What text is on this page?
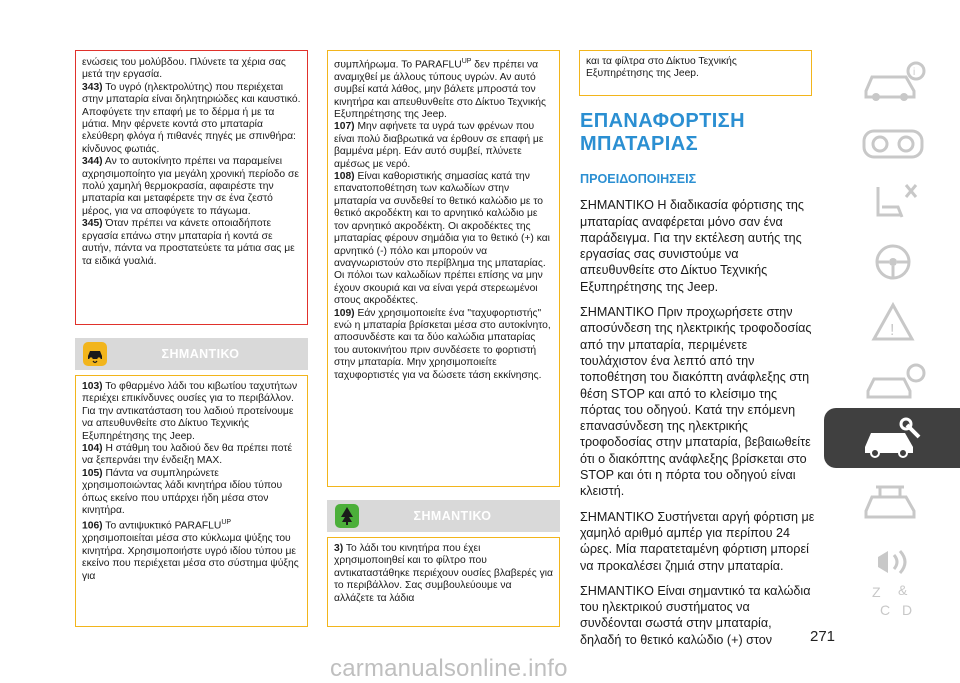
ενώσεις του μολύβδου. Πλύνετε τα χέρια σας μετά την εργασία.

343) Το υγρό (ηλεκτρολύτης) που περιέχεται στην μπαταρία είναι δηλητηριώδες και καυστικό. Αποφύγετε την επαφή με το δέρμα ή με τα μάτια. Μην φέρνετε κοντά στο μπαταρία ελεύθερη φλόγα ή πιθανές πηγές με σπινθήρα: κίνδυνος φωτιάς.

344) Αν το αυτοκίνητο πρέπει να παραμείνει αχρησιμοποίητο για μεγάλη χρονική περίοδο σε πολύ χαμηλή θερμοκρασία, αφαιρέστε την μπαταρία και μεταφέρετε την σε ένα ζεστό μέρος, για να αποφύγετε το πάγωμα.

345) Όταν πρέπει να κάνετε οποιαδήποτε εργασία επάνω στην μπαταρία ή κοντά σε αυτήν, πάντα να προστατεύετε τα μάτια σας με τα ειδικά γυαλιά.

ΣΗΜΑΝΤΙΚΟ

103) Το φθαρμένο λάδι του κιβωτίου ταχυτήτων περιέχει επικίνδυνες ουσίες για το περιβάλλον. Για την αντικατάσταση του λαδιού προτείνουμε να απευθυνθείτε στο Δίκτυο Τεχνικής Εξυπηρέτησης της Jeep.

104) Η στάθμη του λαδιού δεν θα πρέπει ποτέ να ξεπερνάει την ένδειξη MAX.

105) Πάντα να συμπληρώνετε χρησιμοποιώντας λάδι κινητήρα ιδίου τύπου όπως εκείνο που υπάρχει ήδη μέσα στον κινητήρα.

106) Το αντιψυκτικό $PARAFLU^{UP}$ χρησιμοποιείται μέσα στο κύκλωμα ψύξης του κινητήρα. Χρησιμοποιήστε υγρό ιδίου τύπου με εκείνο που περιέχεται μέσα στο σύστημα ψύξης για

συμπλήρωμα. Το $PARAFLU^{UP}$ δεν πρέπει να αναμιχθεί με άλλους τύπους υγρών. Αν αυτό συμβεί κατά λάθος, μην βάλετε μπροστά τον κινητήρα και απευθυνθείτε στο Δίκτυο Τεχνικής Εξυπηρέτησης της Jeep.

107) Μην αφήνετε τα υγρά των φρένων που είναι πολύ διαβρωτικά να έρθουν σε επαφή με βαμμένα μέρη. Εάν αυτό συμβεί, πλύνετε αμέσως με νερό.

108) Είναι καθοριστικής σημασίας κατά την επανατοποθέτηση των καλωδίων στην μπαταρία να συνδεθεί το θετικό καλώδιο με το θετικό ακροδέκτη και το αρνητικό καλώδιο με τον αρνητικό ακροδέκτη. Οι ακροδέκτες της μπαταρίας φέρουν σημάδια για το θετικό (+) και αρνητικό (-) πόλο και μπορούν να αναγνωριστούν στο περίβλημα της μπαταρίας. Οι πόλοι των καλωδίων πρέπει επίσης να μην έχουν σκουριά και να είναι γερά στερεωμένοι στους ακροδέκτες.

109) Εάν χρησιμοποιείτε ένα "ταχυφορτιστής" ενώ η μπαταρία βρίσκεται μέσα στο αυτοκίνητο, αποσυνδέστε και τα δύο καλώδια μπαταρίας του αυτοκινήτου πριν συνδέσετε το φορτιστή στην μπαταρία. Μην χρησιμοποιείτε ταχυφορτιστές για να δώσετε τάση εκκίνησης.

ΣΗΜΑΝΤΙΚΟ

3) Το λάδι του κινητήρα που έχει χρησιμοποιηθεί και το φίλτρο που αντικαταστάθηκε περιέχουν ουσίες βλαβερές για το περιβάλλον. Σας συμβουλεύουμε να αλλάζετε τα λάδια

και τα φίλτρα στο Δίκτυο Τεχνικής Εξυπηρέτησης της Jeep.

ΕΠΑΝΑΦΟΡΤΙΣΗ ΜΠΑΤΑΡΙΑΣ
ΠΡΟΕΙΔΟΠΟΙΗΣΕΙΣ

ΣΗΜΑΝΤΙΚΟ Η διαδικασία φόρτισης της μπαταρίας αναφέρεται μόνο σαν ένα παράδειγμα. Για την εκτέλεση αυτής της εργασίας σας συνιστούμε να απευθυνθείτε στο Δίκτυο Τεχνικής Εξυπηρέτησης της Jeep.

ΣΗΜΑΝΤΙΚΟ Πριν προχωρήσετε στην αποσύνδεση της ηλεκτρικής τροφοδοσίας από την μπαταρία, περιμένετε τουλάχιστον ένα λεπτό από την τοποθέτηση του διακόπτη ανάφλεξης στη θέση STOP και από το κλείσιμο της πόρτας του οδηγού. Κατά την επόμενη επανασύνδεση της ηλεκτρικής τροφοδοσίας στην μπαταρία, βεβαιωθείτε ότι ο διακόπτης ανάφλεξης βρίσκεται στο STOP και ότι η πόρτα του οδηγού είναι κλειστή.

ΣΗΜΑΝΤΙΚΟ Συστήνεται αργή φόρτιση με χαμηλό αριθμό αμπέρ για περίπου 24 ώρες. Μία παρατεταμένη φόρτιση μπορεί να προκαλέσει ζημιά στην μπαταρία.

ΣΗΜΑΝΤΙΚΟ Είναι σημαντικό τα καλώδια του ηλεκτρικού συστήματος να συνδέονται σωστά στην μπαταρία, δηλαδή το θετικό καλώδιο (+) στον	271
i
!
Z &
C D
carmanualsonline.info
